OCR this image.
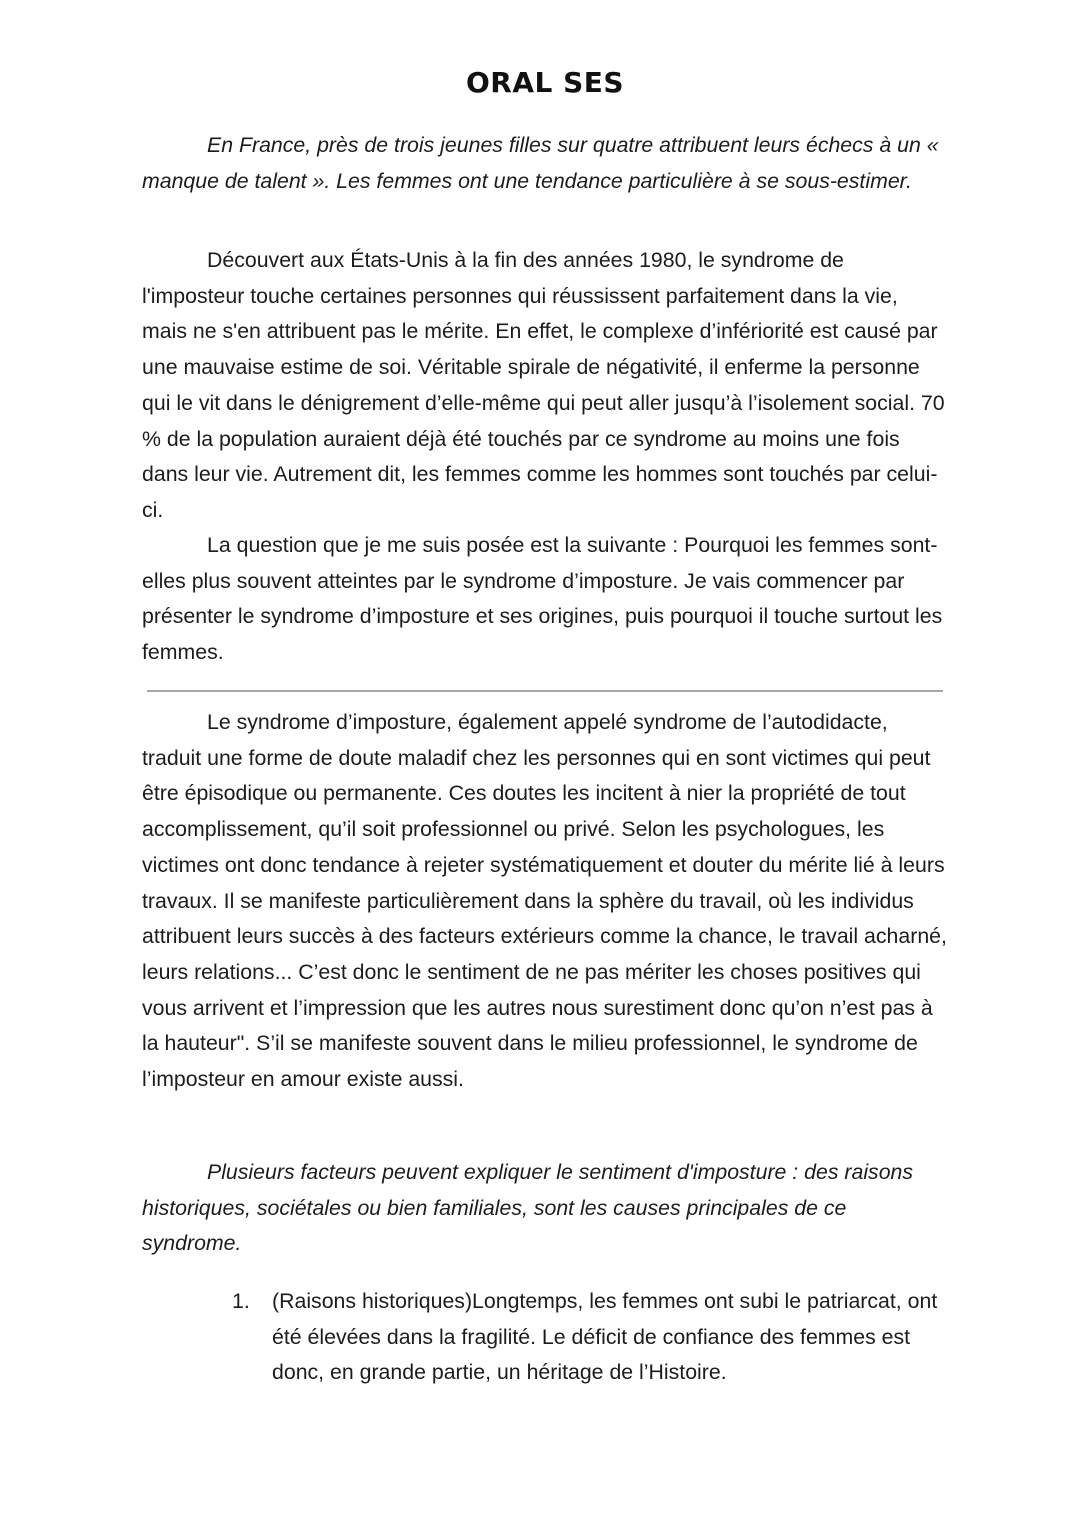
ORAL SES

En France, près de trois jeunes filles sur quatre attribuent leurs échecs à un « manque de talent ». Les femmes ont une tendance particulière à se sous-estimer.

Découvert aux États-Unis à la fin des années 1980, le syndrome de l'imposteur touche certaines personnes qui réussissent parfaitement dans la vie, mais ne s'en attribuent pas le mérite. En effet, le complexe d’infériorité est causé par une mauvaise estime de soi. Véritable spirale de négativité, il enferme la personne qui le vit dans le dénigrement d’elle-même qui peut aller jusqu’à l’isolement social. 70 % de la population auraient déjà été touchés par ce syndrome au moins une fois dans leur vie. Autrement dit, les femmes comme les hommes sont touchés par celui-ci.

La question que je me suis posée est la suivante : Pourquoi les femmes sont-elles plus souvent atteintes par le syndrome d’imposture. Je vais commencer par présenter le syndrome d’imposture et ses origines, puis pourquoi il touche surtout les femmes.

Le syndrome d’imposture, également appelé syndrome de l’autodidacte, traduit une forme de doute maladif chez les personnes qui en sont victimes qui peut être épisodique ou permanente. Ces doutes les incitent à nier la propriété de tout accomplissement, qu’il soit professionnel ou privé. Selon les psychologues, les victimes ont donc tendance à rejeter systématiquement et douter du mérite lié à leurs travaux. Il se manifeste particulièrement dans la sphère du travail, où les individus attribuent leurs succès à des facteurs extérieurs comme la chance, le travail acharné, leurs relations... C’est donc le sentiment de ne pas mériter les choses positives qui vous arrivent et l’impression que les autres nous surestiment donc qu’on n’est pas à la hauteur". S’il se manifeste souvent dans le milieu professionnel, le syndrome de l’imposteur en amour existe aussi.

Plusieurs facteurs peuvent expliquer le sentiment d'imposture : des raisons historiques, sociétales ou bien familiales, sont les causes principales de ce syndrome.

1.	(Raisons historiques)Longtemps, les femmes ont subi le patriarcat, ont été élevées dans la fragilité. Le déficit de confiance des femmes est donc, en grande partie, un héritage de l’Histoire.
